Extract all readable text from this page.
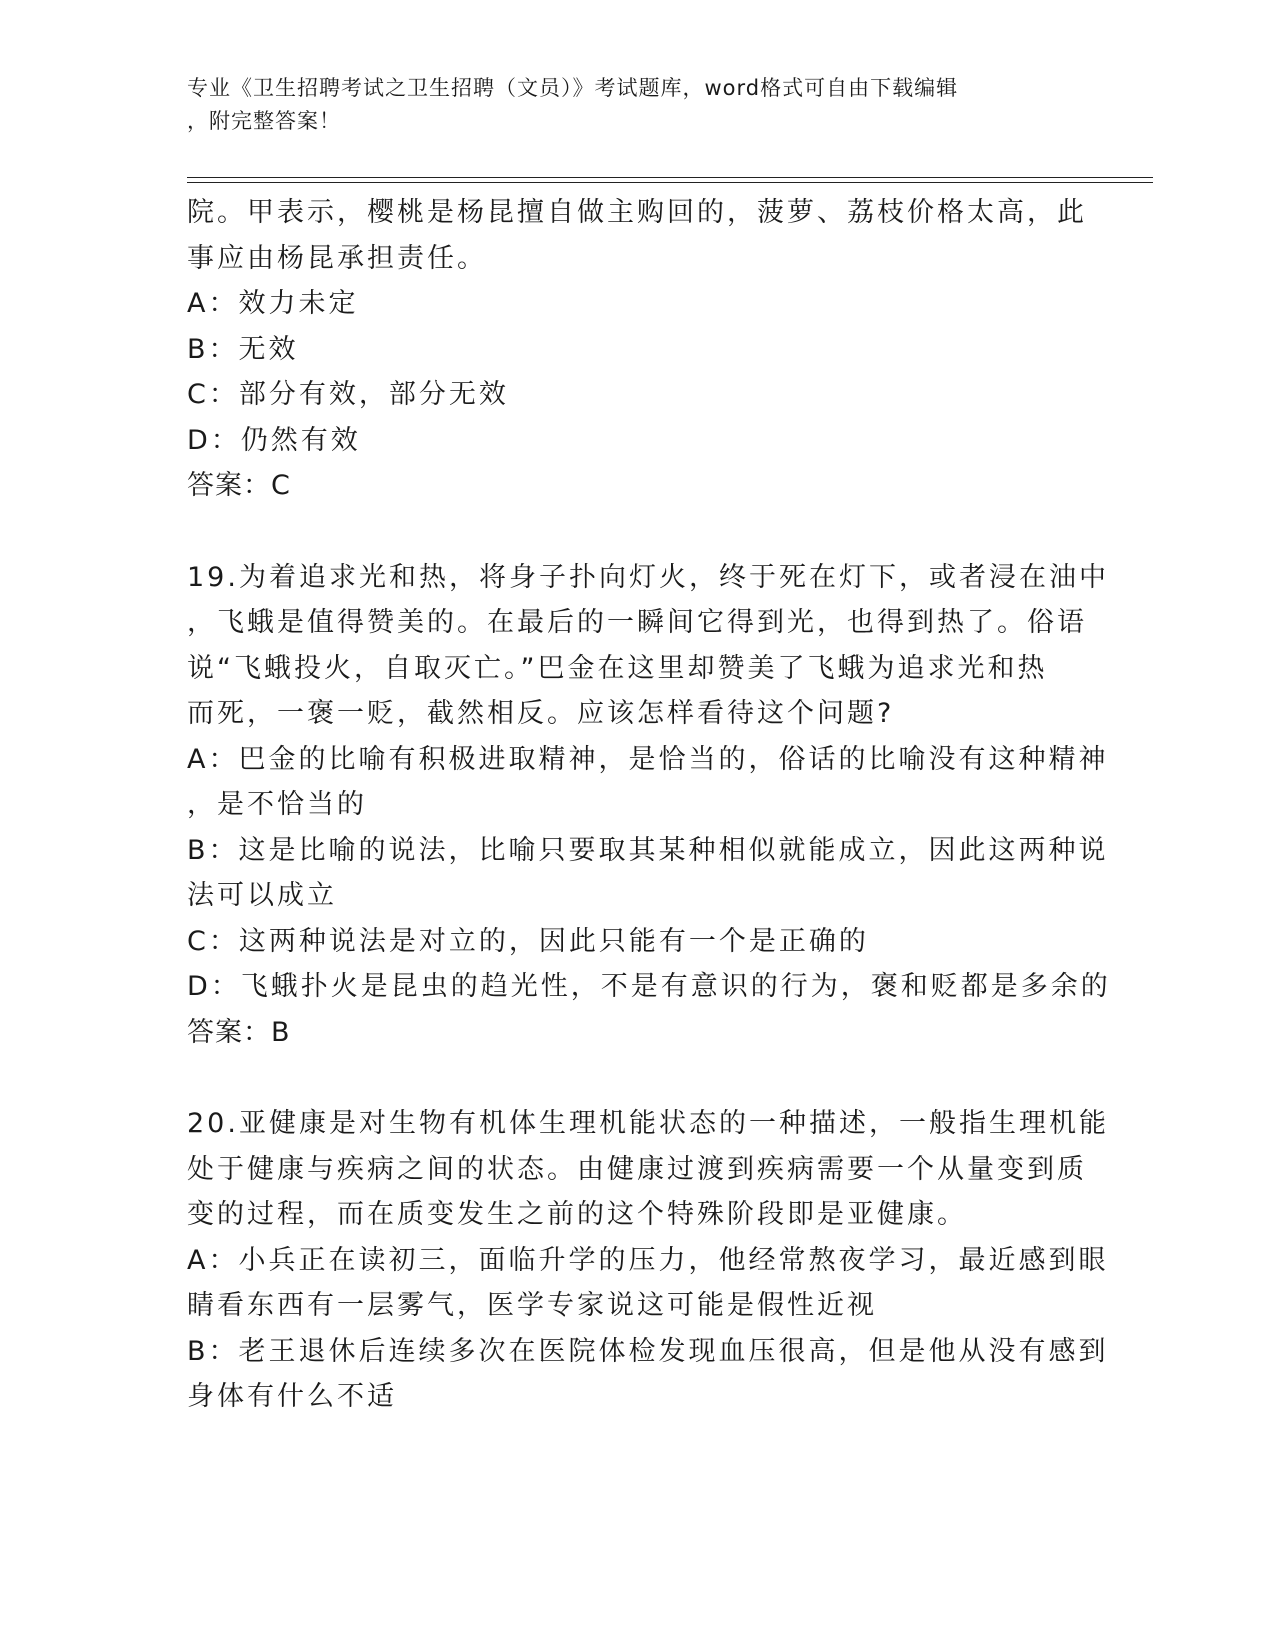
专业《卫生招聘考试之卫生招聘（文员）》考试题库，word格式可自由下载编辑
，附完整答案！
院。甲表示，樱桃是杨昆擅自做主购回的，菠萝、荔枝价格太高，此
事应由杨昆承担责任。
A：效力未定
B：无效
C：部分有效，部分无效
D：仍然有效
答案：C
19.为着追求光和热，将身子扑向灯火，终于死在灯下，或者浸在油中
，飞蛾是值得赞美的。在最后的一瞬间它得到光，也得到热了。俗语
说“飞蛾投火，自取灭亡。”巴金在这里却赞美了飞蛾为追求光和热
而死，一褒一贬，截然相反。应该怎样看待这个问题?
A：巴金的比喻有积极进取精神，是恰当的，俗话的比喻没有这种精神
，是不恰当的
B：这是比喻的说法，比喻只要取其某种相似就能成立，因此这两种说
法可以成立
C：这两种说法是对立的，因此只能有一个是正确的
D：飞蛾扑火是昆虫的趋光性，不是有意识的行为，褒和贬都是多余的
答案：B
20.亚健康是对生物有机体生理机能状态的一种描述，一般指生理机能
处于健康与疾病之间的状态。由健康过渡到疾病需要一个从量变到质
变的过程，而在质变发生之前的这个特殊阶段即是亚健康。
A：小兵正在读初三，面临升学的压力，他经常熬夜学习，最近感到眼
睛看东西有一层雾气，医学专家说这可能是假性近视
B：老王退休后连续多次在医院体检发现血压很高，但是他从没有感到
身体有什么不适
